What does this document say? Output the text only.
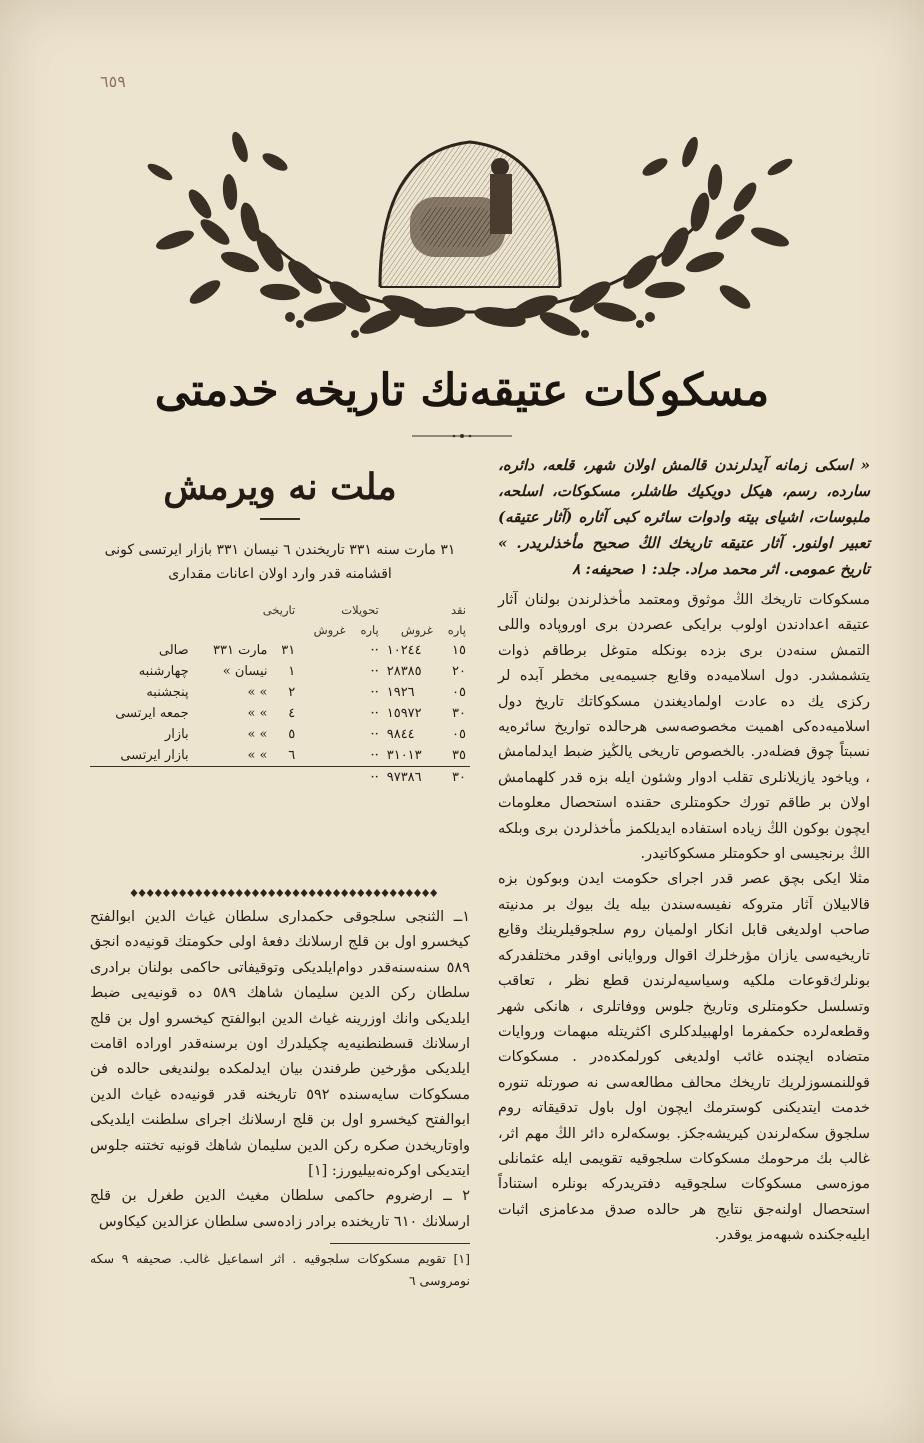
٦٥٩
مسكوكات عتيقه‌نك تاريخه خدمتى
« اسكى زمانه آيدلرندن قالمش اولان شهر، قلعه، دائره، سارده، رسم، هيكل دويكيك طاشلر، مسكوكات، اسلحه، ملبوسات، اشياى بيته وادوات سائره كبى آثاره (آثار عتيقه) تعبير اولنور. آثار عتيقه تاريخك الڭ صحيح مأخذلريدر. » تاريخ عمومى. اثر محمد مراد. جلد: ١ صحيفه: ٨

مسكوكات تاريخك الڭ موثوق ومعتمد مأخذلرندن بولنان آثار عتيقه اعدادندن اولوب برايكى عصردن برى اوروپاده واللى التمش سنه‌دن برى بزده بونكله متوغل برطاقم ذوات يتشمشدر. دول اسلاميه‌ده وقايع جسيمه‌يى مخطر آبده لر ركزى يك ده عادت اولماديغندن مسكوكاتك تاريخ دول اسلاميه‌ده‌كى اهميت مخصوصه‌سى هرحالده تواريخ سائره‌يه نسبتاً چوق فضله‌در. بالخصوص تاريخى يالڭيز ضبط ايدلمامش ، وياخود يازيلانلرى تقلب ادوار وشئون ايله بزه قدر كلهمامش اولان بر طاقم تورك حكومتلرى حقنده استحصال معلومات ايچون بوكون الڭ زياده استفاده ايديلكمز مأخذلردن برى وبلكه الڭ برنجيسى او حكومتلر مسكوكاتيدر.

مثلا ايكى بچق عصر قدر اجراى حكومت ايدن وبوكون بزه قالابيلان آثار متروكه نفيسه‌سندن بيله يك بيوك بر مدنيته صاحب اولديغى قابل انكار اولميان روم سلجوقيلرينك وقايع تاريخيه‌سى يازان مؤرخلرك اقوال وروايانى اوقدر مختلفدركه بونلرك‌قوعات ملكيه وسياسيه‌لرندن قطع نظر ، تعاقب وتسلسل حكومتلرى وتاريخ جلوس ووفاتلرى ، هانكى شهر وقطعه‌لرده حكمفرما اولهبيلدكلرى اكثريتله مبهمات وروايات متضاده ايچنده غائب اولديغى كورلمكده‌در . مسكوكات قوللنمسوزلريك تاريخك محالف مطالعه‌سى نه صورتله تنوره خدمت ايتديكنى كوسترمك ايچون اول باول تدقيقاته روم سلجوق سكه‌لرندن كيريشه‌جكز. بوسكه‌لره دائر الڭ مهم اثر، غالب بك مرحومك مسكوكات سلجوقيه تقويمى ايله عثمانلى موزه‌سى مسكوكات سلجوقيه دفتريدركه بونلره استناداً استحصال اولنه‌جق نتايج هر حالده صدق مدعامزى اثبات ايليه‌جكنده شبهه‌مز يوقدر.

ملت نه ويرمش
٣١ مارت سنه ٣٣١ تاريخندن ٦ نيسان ٣٣١ بازار ايرتسى كونى اقشامنه قدر وارد اولان اعانات مقدارى
نقد		تحويلات		تاريخى		
پاره	غروش	پاره	غروش			
١٥	١٠٢٤٤	··		٣١	مارت ٣٣١	صالى
٢٠	٢٨٣٨٥	··		١	نيسان »	چهارشنبه
٠٥	١٩٢٦	··		٢	» »	پنجشنبه
٣٠	١٥٩٧٢	··		٤	» »	جمعه ايرتسى
٠٥	٩٨٤٤	··		٥	» »	بازار
٣٥	٣١٠١٣	··		٦	» »	بازار ايرتسى
٣٠	٩٧٣٨٦	··				

١ــ الثنجى سلجوقى حكمدارى سلطان غياث الدين ابوالفتح كيخسرو اول بن قلج ارسلانك دفعهٔ اولى حكومتك قونيه‌ده انجق ٥٨٩ سنه‌سنه‌قدر دوام‌ايلديكى وتوقيفاتى حاكمى بولنان برادرى سلطان ركن الدين سليمان شاهك ٥٨٩ ده قونيه‌يى ضبط ايلديكى وانك اوزرينه غياث الدين ابوالفتح كيخسرو اول بن قلج ارسلانك قسطنطنيه‌يه چكيلدرك اون برسنه‌قدر اوراده اقامت ايلديكى مؤرخين طرفندن بيان ايدلمكده بولنديغى حالده فن مسكوكات سايه‌سنده ٥٩٢ تاريخنه قدر قونيه‌ده غياث الدين ابوالفتح كيخسرو اول بن قلج ارسلانك اجراى سلطنت ايلديكى واوتاريخدن صكره ركن الدين سليمان شاهك قونيه تختنه جلوس ايتديكى اوكره‌نه‌بيليورز: [١]

٢ ــ ارضروم حاكمى سلطان مغيث الدين طغرل بن قلج ارسلانك ٦١٠ تاريخنده برادر زاده‌سى سلطان عزالدين كيكاوس

[١] تقويم مسكوكات سلجوقيه . اثر اسماعيل غالب. صحيفه ٩ سكه نومروسى ٦
